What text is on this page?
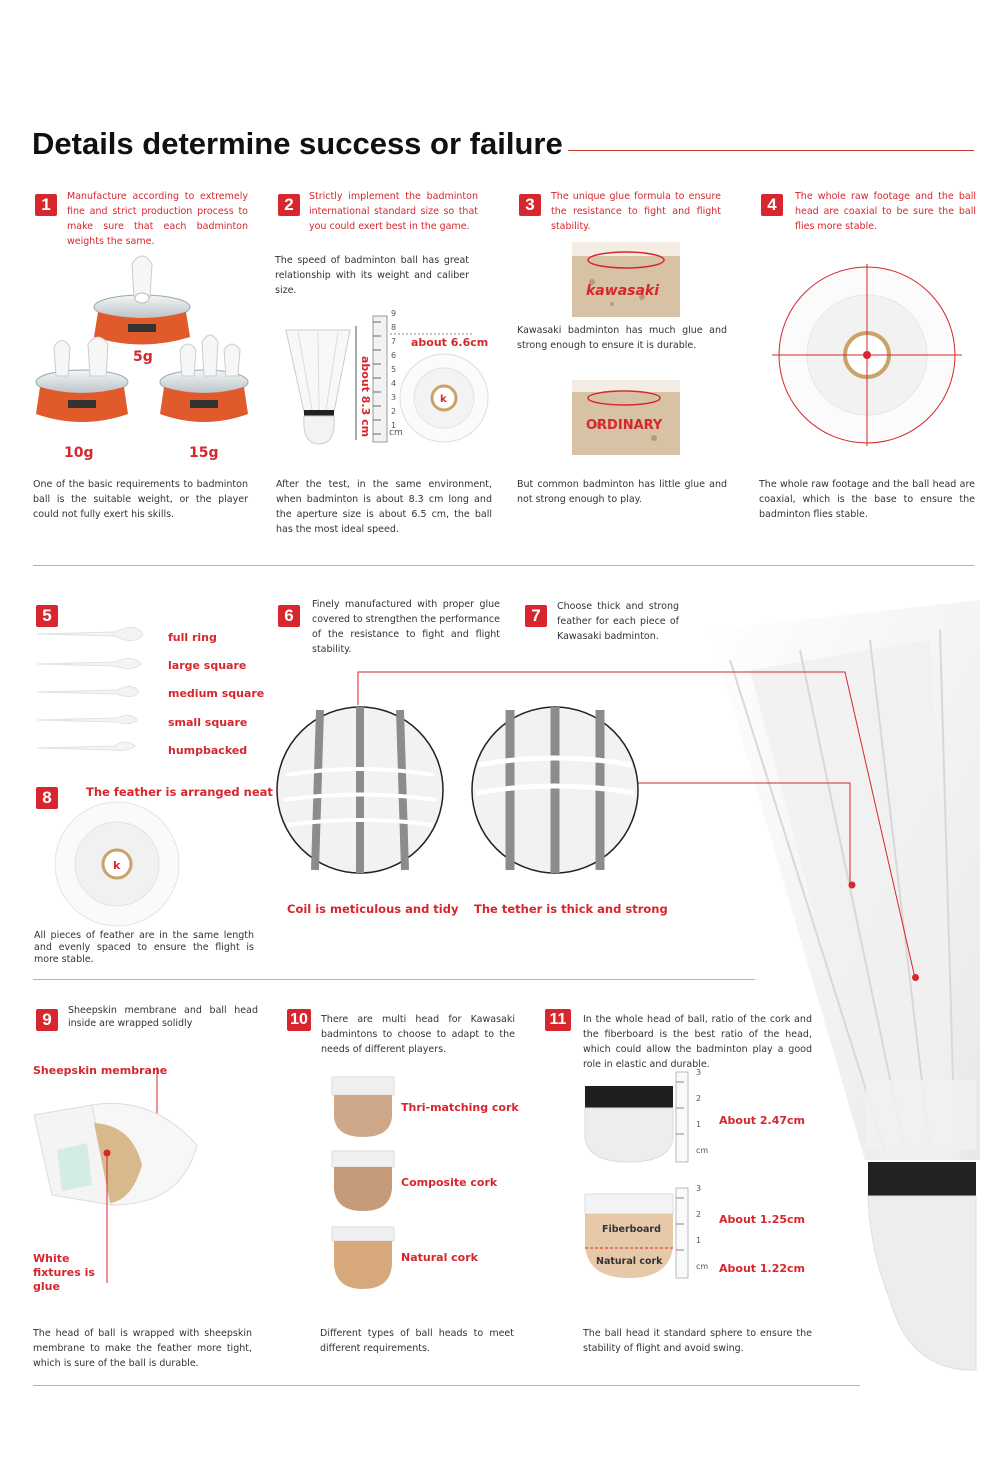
Details determine success or failure
1	Manufacture according to extremely fine and strict production process to make sure that each badminton weights the same.
5g
10g	15g
One of the basic requirements to badminton ball is the suitable weight, or the player could not fully exert his skills.
2	Strictly implement the badminton international standard size so that you could exert best in the game.
The speed of badminton ball has great relationship with its weight and caliber size.
k
about 8.3 cm
about 6.6cm
cm
After the test, in the same environment, when badminton is about 8.3 cm long and the aperture size is about 6.5 cm, the ball has the most ideal speed.
3	The unique glue formula to ensure the resistance to fight and flight stability.
kawasaki
Kawasaki badminton has much glue and strong enough to ensure it is durable.
ORDINARY
But common badminton has little glue and not strong enough to play.
4	The whole raw footage and the ball head are coaxial to be sure the ball flies more stable.
The whole raw footage and the ball head are coaxial, which is the base to ensure the badminton flies stable.
5
full ring
large square
medium square
small square
humpbacked
8	The feather is arranged neat
k
All pieces of feather are in the same length and evenly spaced to ensure the flight is more stable.
6
Finely manufactured with proper glue covered to strengthen the performance of the resistance to fight and flight stability.
7	Choose thick and strong feather for each piece of Kawasaki badminton.
Coil is meticulous and tidy The tether is thick and strong
9	Sheepskin membrane and ball head inside are wrapped solidly
Sheepskin membrane
White fixtures is glue
The head of ball is wrapped with sheepskin membrane to make the feather more tight, which is sure of the ball is durable.
10	There are multi head for Kawasaki badmintons to choose to adapt to the needs of different players.
Thri-matching cork
Composite cork
Natural cork
Different types of ball heads to meet different requirements.
11	In the whole head of ball, ratio of the cork and the fiberboard is the best ratio of the head, which could allow the badminton play a good role in elastic and durable.
Fiberboard
Natural cork
About 2.47cm
About 1.25cm
About 1.22cm
The ball head it standard sphere to ensure the stability of flight and avoid swing.
1
2
3
4
5
6
7
8
9
cm
1
2
3
cm
1
2
3
